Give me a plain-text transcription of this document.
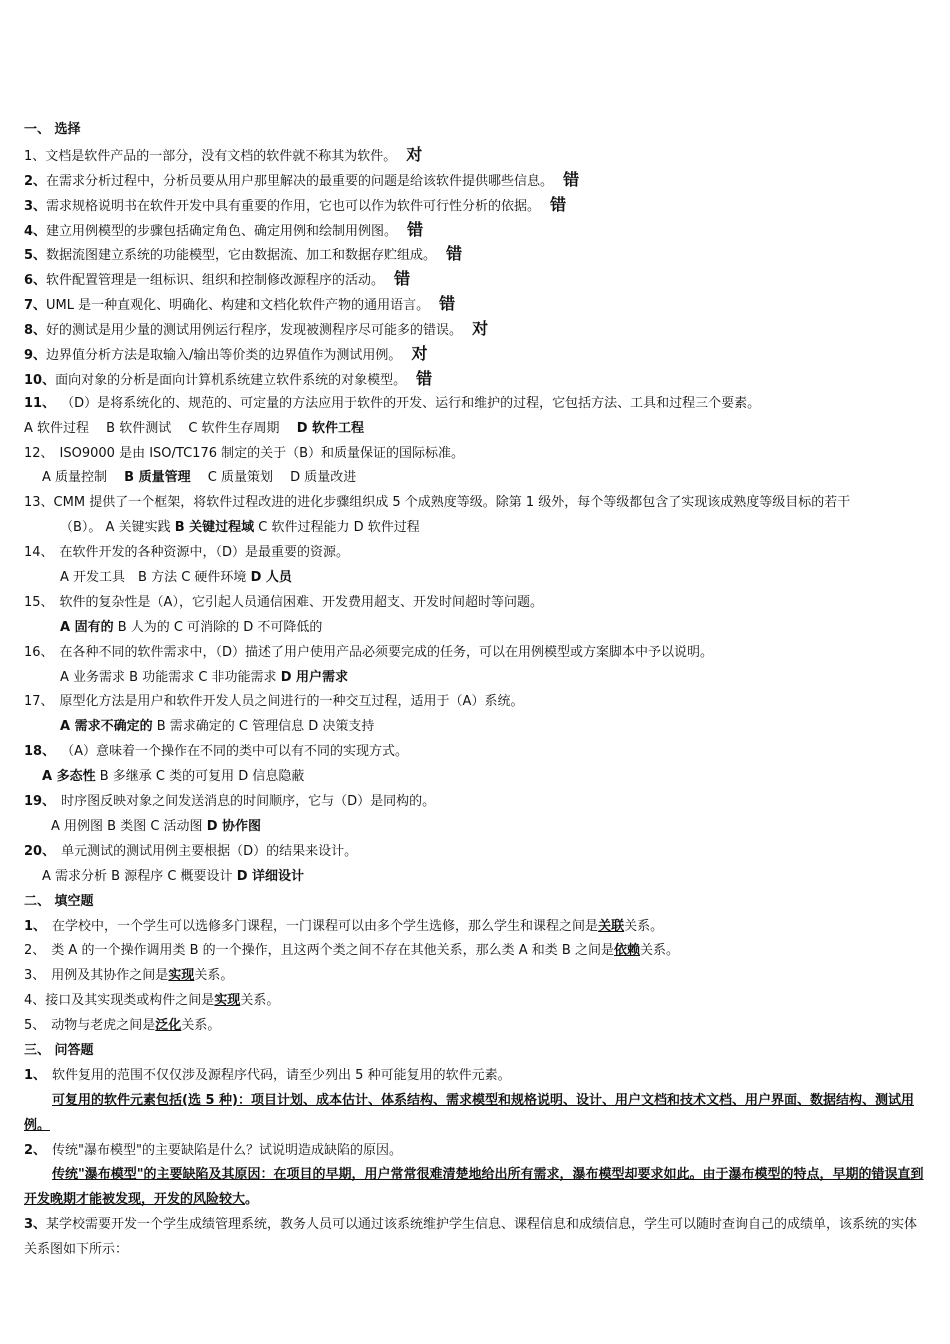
一、 选择
1、文档是软件产品的一部分，没有文档的软件就不称其为软件。 对
2、在需求分析过程中，分析员要从用户那里解决的最重要的问题是给该软件提供哪些信息。 错
3、需求规格说明书在软件开发中具有重要的作用，它也可以作为软件可行性分析的依据。 错
4、建立用例模型的步骤包括确定角色、确定用例和绘制用例图。 错
5、数据流图建立系统的功能模型，它由数据流、加工和数据存贮组成。 错
6、软件配置管理是一组标识、组织和控制修改源程序的活动。 错
7、UML 是一种直观化、明确化、构建和文档化软件产物的通用语言。 错
8、好的测试是用少量的测试用例运行程序，发现被测程序尽可能多的错误。 对
9、边界值分析方法是取输入/输出等价类的边界值作为测试用例。 对
10、面向对象的分析是面向计算机系统建立软件系统的对象模型。 错
11、 （D）是将系统化的、规范的、可定量的方法应用于软件的开发、运行和维护的过程，它包括方法、工具和过程三个要素。
A 软件过程　 B 软件测试　 C 软件生存周期　 D 软件工程
12、 ISO9000 是由 ISO/TC176 制定的关于（B）和质量保证的国际标准。
A 质量控制　 B 质量管理　 C 质量策划　 D 质量改进
13、CMM 提供了一个框架，将软件过程改进的进化步骤组织成 5 个成熟度等级。除第 1 级外，每个等级都包含了实现该成熟度等级目标的若干
（B）。 A 关键实践 B 关键过程域 C 软件过程能力 D 软件过程
14、 在软件开发的各种资源中，（D）是最重要的资源。
A 开发工具　B 方法 C 硬件环境 D 人员
15、 软件的复杂性是（A），它引起人员通信困难、开发费用超支、开发时间超时等问题。
A 固有的 B 人为的 C 可消除的 D 不可降低的
16、 在各种不同的软件需求中，（D）描述了用户使用产品必须要完成的任务，可以在用例模型或方案脚本中予以说明。
A 业务需求 B 功能需求 C 非功能需求 D 用户需求
17、 原型化方法是用户和软件开发人员之间进行的一种交互过程，适用于（A）系统。
A 需求不确定的 B 需求确定的 C 管理信息 D 决策支持
18、 （A）意味着一个操作在不同的类中可以有不同的实现方式。
A 多态性 B 多继承 C 类的可复用 D 信息隐蔽
19、 时序图反映对象之间发送消息的时间顺序，它与（D）是同构的。
A 用例图 B 类图 C 活动图 D 协作图
20、 单元测试的测试用例主要根据（D）的结果来设计。
A 需求分析 B 源程序 C 概要设计 D 详细设计
二、 填空题
1、 在学校中，一个学生可以选修多门课程，一门课程可以由多个学生选修，那么学生和课程之间是关联关系。
2、 类 A 的一个操作调用类 B 的一个操作，且这两个类之间不存在其他关系，那么类 A 和类 B 之间是依赖关系。
3、 用例及其协作之间是实现关系。
4、接口及其实现类或构件之间是实现关系。
5、 动物与老虎之间是泛化关系。
三、 问答题
1、 软件复用的范围不仅仅涉及源程序代码，请至少列出 5 种可能复用的软件元素。
可复用的软件元素包括(选 5 种)：项目计划、成本估计、体系结构、需求模型和规格说明、设计、用户文档和技术文档、用户界面、数据结构、测试用例。
2、 传统"瀑布模型"的主要缺陷是什么？试说明造成缺陷的原因。
传统"瀑布模型"的主要缺陷及其原因：在项目的早期，用户常常很难清楚地给出所有需求，瀑布模型却要求如此。由于瀑布模型的特点，早期的错误直到开发晚期才能被发现，开发的风险较大。
3、某学校需要开发一个学生成绩管理系统，教务人员可以通过该系统维护学生信息、课程信息和成绩信息，学生可以随时查询自己的成绩单，该系统的实体关系图如下所示：
